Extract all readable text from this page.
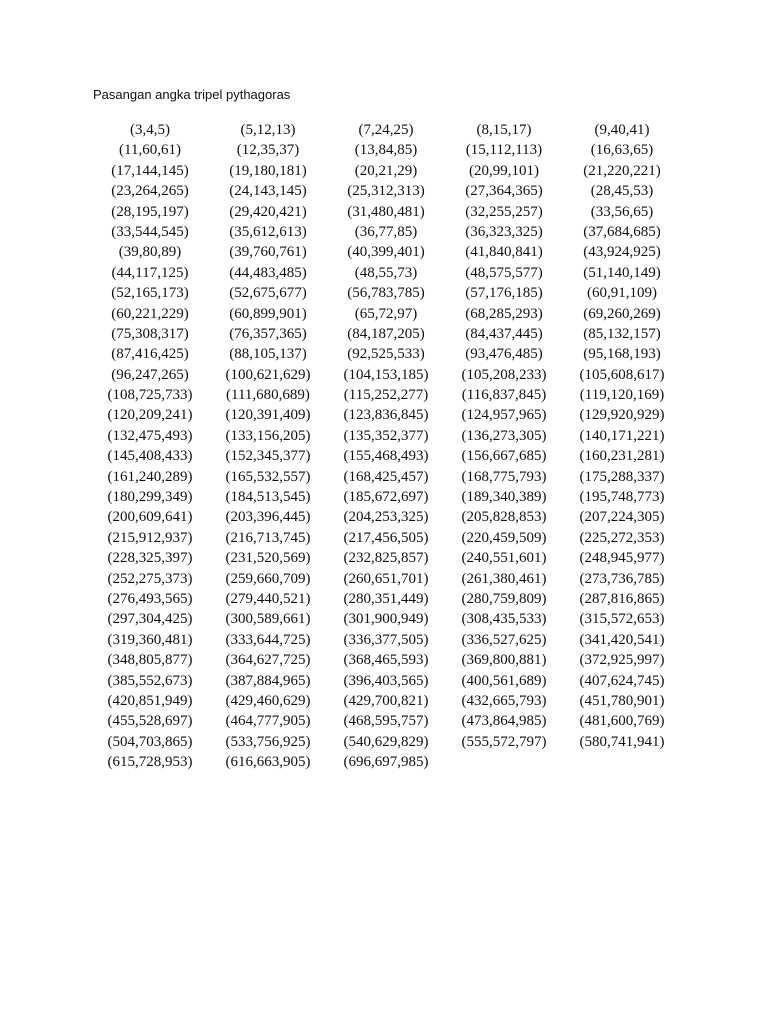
Pasangan angka tripel pythagoras
(3,4,5)	(5,12,13)	(7,24,25)	(8,15,17)	(9,40,41)
(11,60,61)	(12,35,37)	(13,84,85)	(15,112,113)	(16,63,65)
(17,144,145)	(19,180,181)	(20,21,29)	(20,99,101)	(21,220,221)
(23,264,265)	(24,143,145)	(25,312,313)	(27,364,365)	(28,45,53)
(28,195,197)	(29,420,421)	(31,480,481)	(32,255,257)	(33,56,65)
(33,544,545)	(35,612,613)	(36,77,85)	(36,323,325)	(37,684,685)
(39,80,89)	(39,760,761)	(40,399,401)	(41,840,841)	(43,924,925)
(44,117,125)	(44,483,485)	(48,55,73)	(48,575,577)	(51,140,149)
(52,165,173)	(52,675,677)	(56,783,785)	(57,176,185)	(60,91,109)
(60,221,229)	(60,899,901)	(65,72,97)	(68,285,293)	(69,260,269)
(75,308,317)	(76,357,365)	(84,187,205)	(84,437,445)	(85,132,157)
(87,416,425)	(88,105,137)	(92,525,533)	(93,476,485)	(95,168,193)
(96,247,265)	(100,621,629)	(104,153,185)	(105,208,233)	(105,608,617)
(108,725,733)	(111,680,689)	(115,252,277)	(116,837,845)	(119,120,169)
(120,209,241)	(120,391,409)	(123,836,845)	(124,957,965)	(129,920,929)
(132,475,493)	(133,156,205)	(135,352,377)	(136,273,305)	(140,171,221)
(145,408,433)	(152,345,377)	(155,468,493)	(156,667,685)	(160,231,281)
(161,240,289)	(165,532,557)	(168,425,457)	(168,775,793)	(175,288,337)
(180,299,349)	(184,513,545)	(185,672,697)	(189,340,389)	(195,748,773)
(200,609,641)	(203,396,445)	(204,253,325)	(205,828,853)	(207,224,305)
(215,912,937)	(216,713,745)	(217,456,505)	(220,459,509)	(225,272,353)
(228,325,397)	(231,520,569)	(232,825,857)	(240,551,601)	(248,945,977)
(252,275,373)	(259,660,709)	(260,651,701)	(261,380,461)	(273,736,785)
(276,493,565)	(279,440,521)	(280,351,449)	(280,759,809)	(287,816,865)
(297,304,425)	(300,589,661)	(301,900,949)	(308,435,533)	(315,572,653)
(319,360,481)	(333,644,725)	(336,377,505)	(336,527,625)	(341,420,541)
(348,805,877)	(364,627,725)	(368,465,593)	(369,800,881)	(372,925,997)
(385,552,673)	(387,884,965)	(396,403,565)	(400,561,689)	(407,624,745)
(420,851,949)	(429,460,629)	(429,700,821)	(432,665,793)	(451,780,901)
(455,528,697)	(464,777,905)	(468,595,757)	(473,864,985)	(481,600,769)
(504,703,865)	(533,756,925)	(540,629,829)	(555,572,797)	(580,741,941)
(615,728,953)	(616,663,905)	(696,697,985)
